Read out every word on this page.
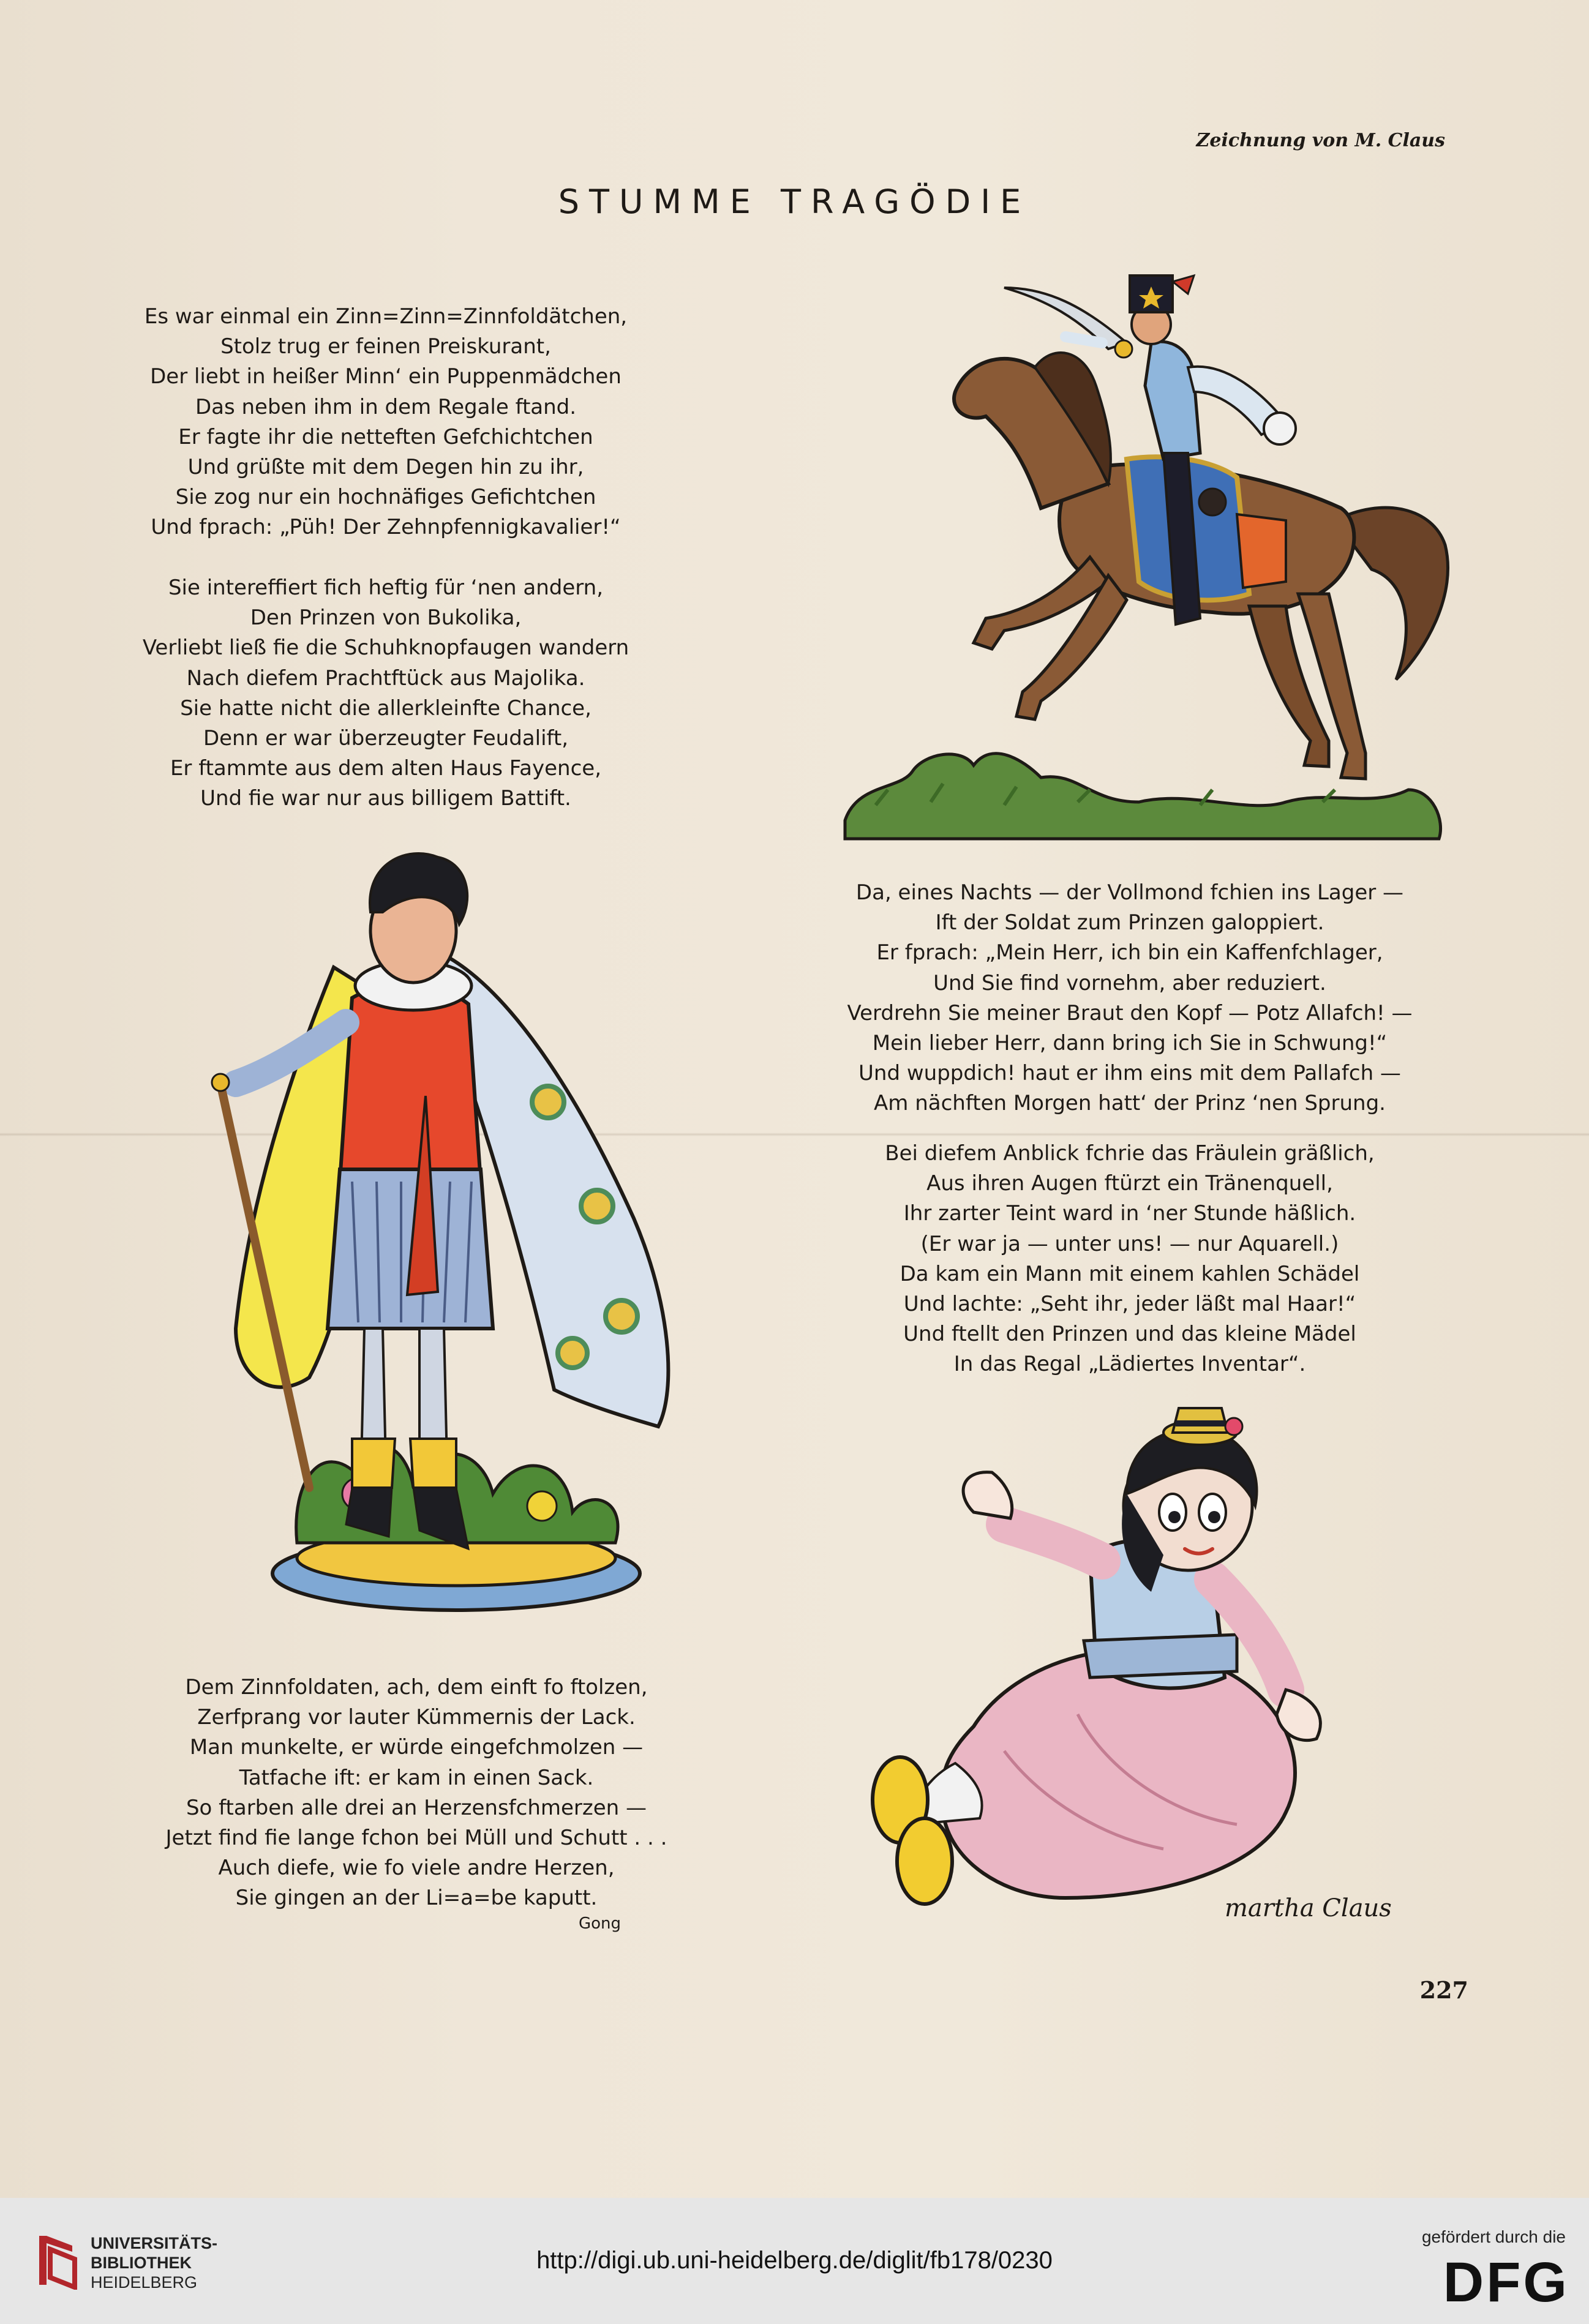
Zeichnung von M. Claus
STUMME TRAGÖDIE
Es war einmal ein Zinn=Zinn=Zinnfoldätchen,
Stolz trug er feinen Preiskurant,
Der liebt in heißer Minn‘ ein Puppenmädchen
Das neben ihm in dem Regale ftand.
Er fagte ihr die netteften Gefchichtchen
Und grüßte mit dem Degen hin zu ihr,
Sie zog nur ein hochnäfiges Gefichtchen
Und fprach: „Püh! Der Zehnpfennigkavalier!“
Sie intereffiert fich heftig für ‘nen andern,
Den Prinzen von Bukolika,
Verliebt ließ fie die Schuhknopfaugen wandern
Nach diefem Prachtftück aus Majolika.
Sie hatte nicht die allerkleinfte Chance,
Denn er war überzeugter Feudalift,
Er ftammte aus dem alten Haus Fayence,
Und fie war nur aus billigem Battift.
Da, eines Nachts — der Vollmond fchien ins Lager —
Ift der Soldat zum Prinzen galoppiert.
Er fprach: „Mein Herr, ich bin ein Kaffenfchlager,
Und Sie find vornehm, aber reduziert.
Verdrehn Sie meiner Braut den Kopf — Potz Allafch! —
Mein lieber Herr, dann bring ich Sie in Schwung!“
Und wuppdich! haut er ihm eins mit dem Pallafch —
Am nächften Morgen hatt‘ der Prinz ‘nen Sprung.
Bei diefem Anblick fchrie das Fräulein gräßlich,
Aus ihren Augen ftürzt ein Tränenquell,
Ihr zarter Teint ward in ‘ner Stunde häßlich.
(Er war ja — unter uns! — nur Aquarell.)
Da kam ein Mann mit einem kahlen Schädel
Und lachte: „Seht ihr, jeder läßt mal Haar!“
Und ftellt den Prinzen und das kleine Mädel
In das Regal „Lädiertes Inventar“.
Dem Zinnfoldaten, ach, dem einft fo ftolzen,
Zerfprang vor lauter Kümmernis der Lack.
Man munkelte, er würde eingefchmolzen —
Tatfache ift: er kam in einen Sack.
So ftarben alle drei an Herzensfchmerzen —
Jetzt find fie lange fchon bei Müll und Schutt . . .
Auch diefe, wie fo viele andre Herzen,
Sie gingen an der Li=a=be kaputt.
Gong
227
martha Claus
UNIVERSITÄTS-
BIBLIOTHEK
HEIDELBERG
http://digi.ub.uni-heidelberg.de/diglit/fb178/0230
gefördert durch die
DFG
